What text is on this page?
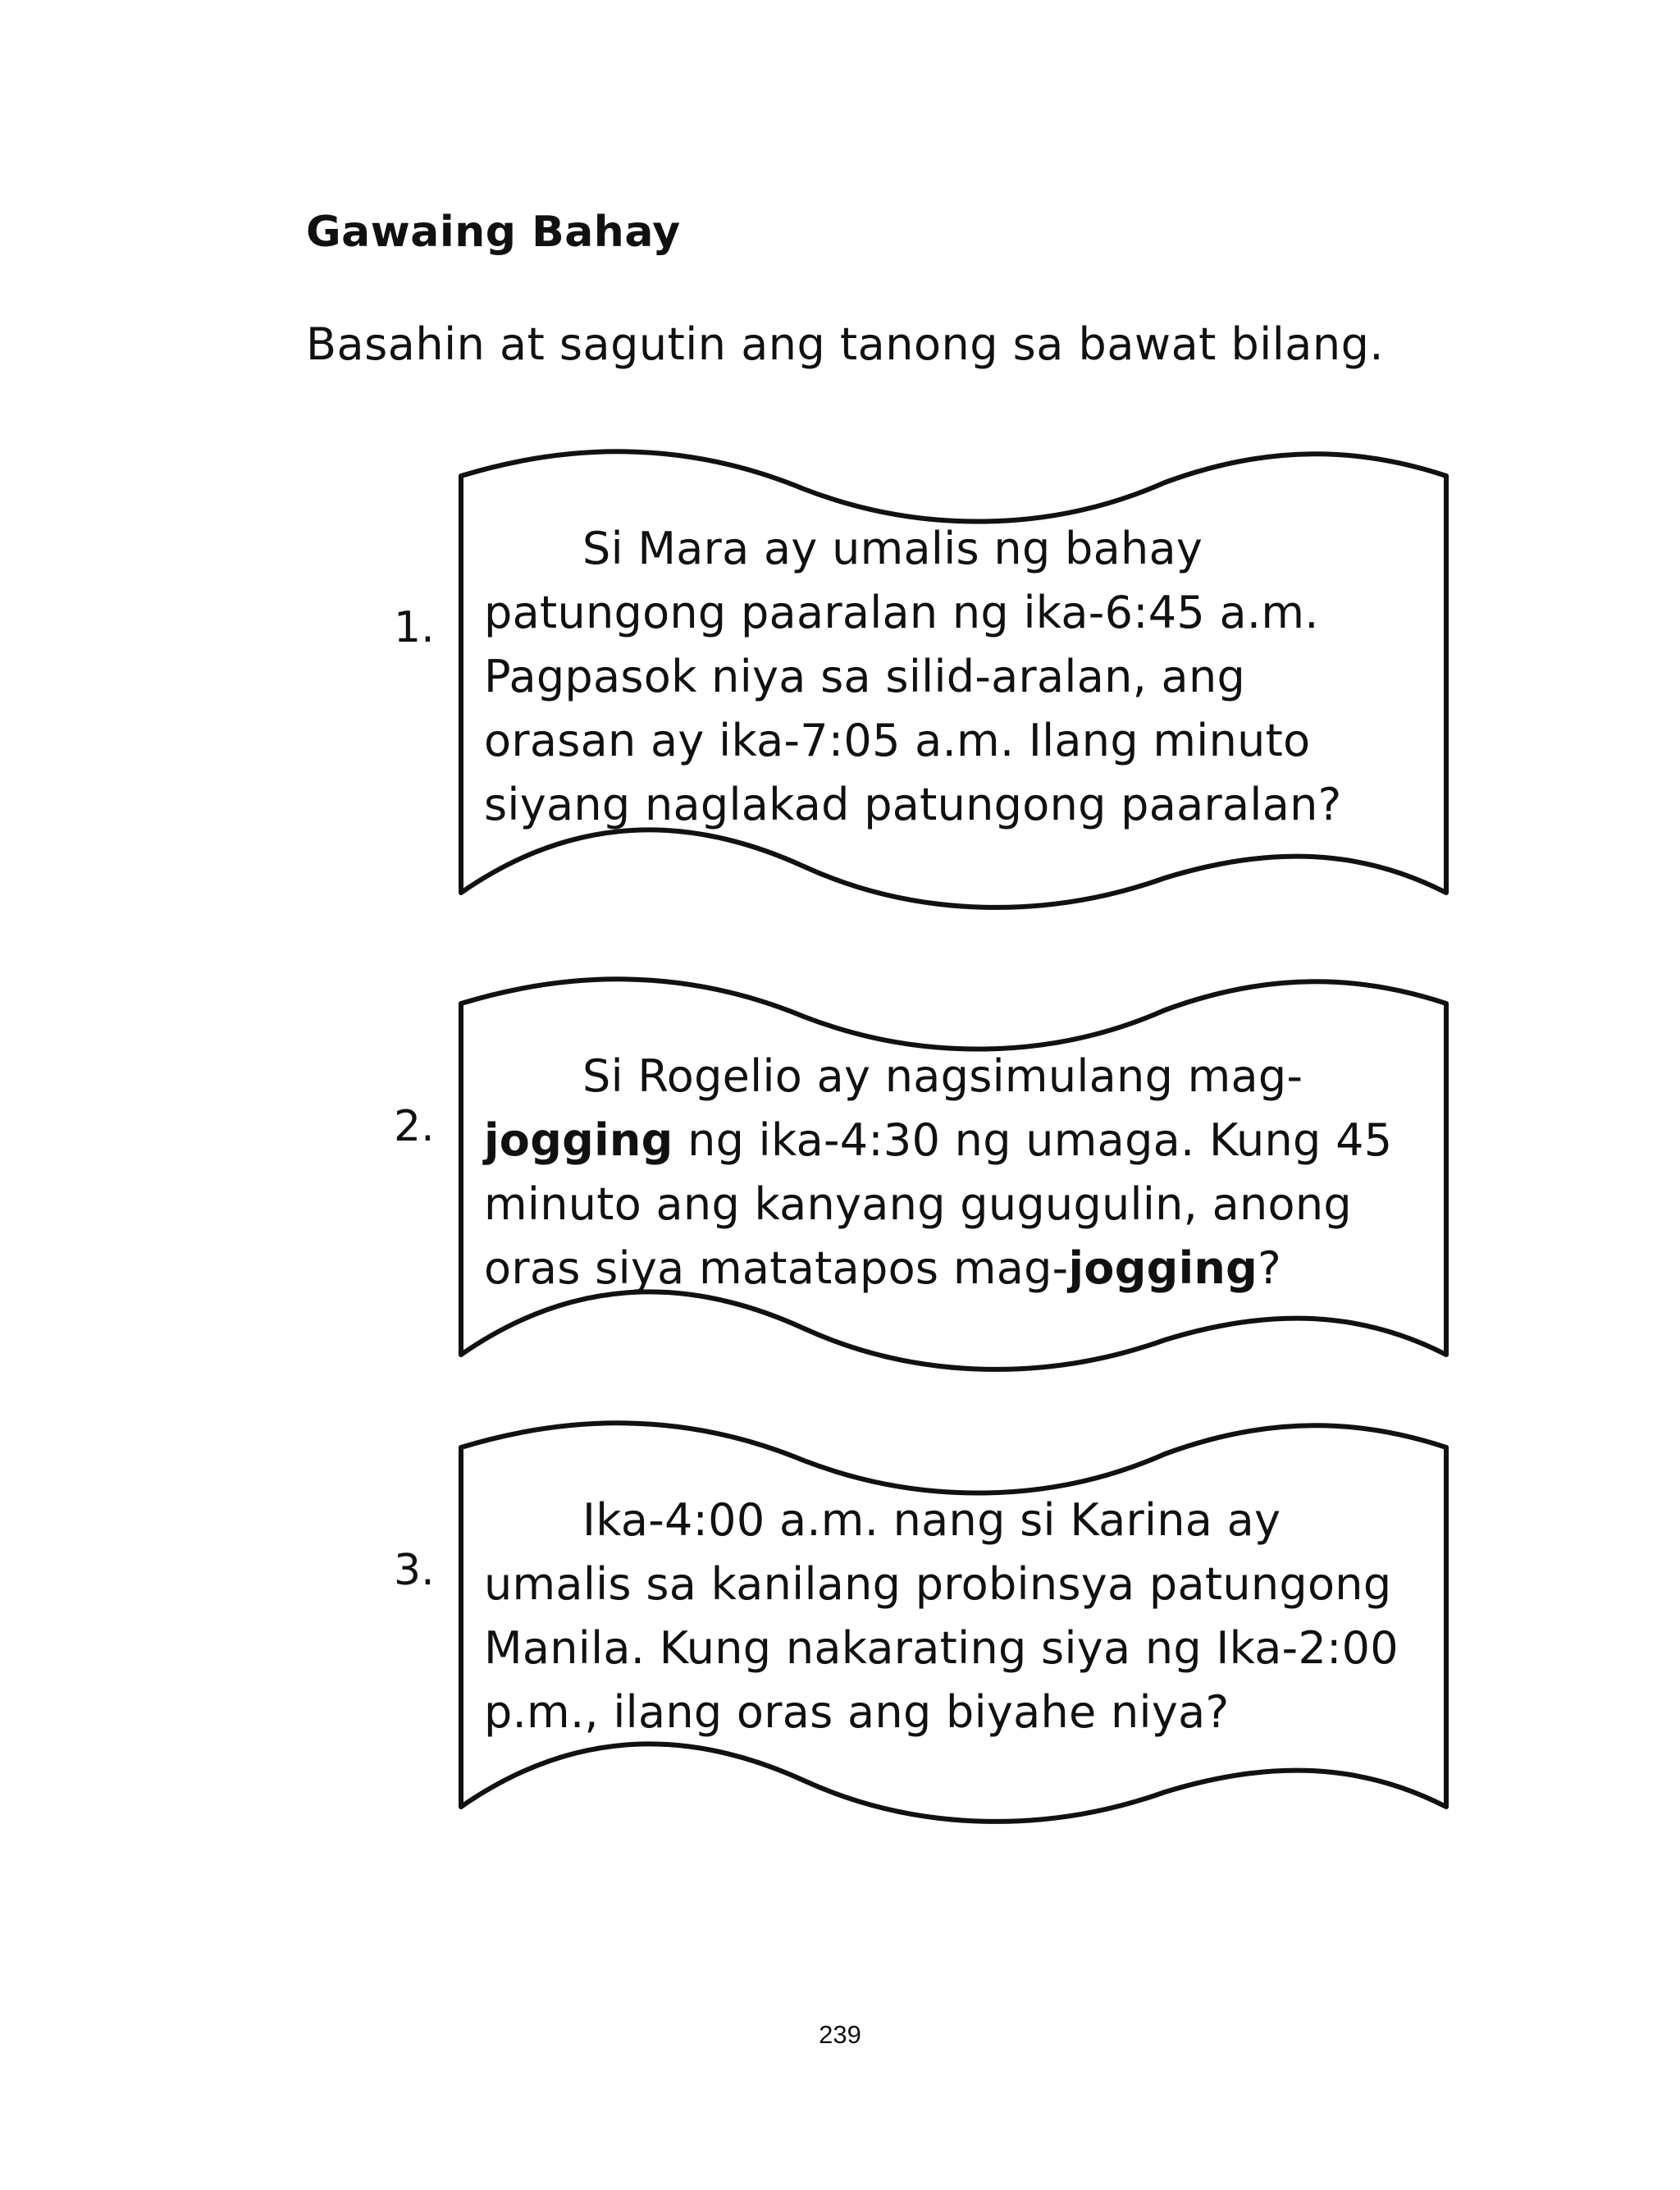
Gawaing Bahay

Basahin at sagutin ang tanong sa bawat bilang.

1.

Si Mara ay umalis ng bahay patungong paaralan ng ika-6:45 a.m. Pagpasok niya sa silid-aralan, ang orasan ay ika-7:05 a.m. Ilang minuto siyang naglakad patungong paaralan?

2.

Si Rogelio ay nagsimulang mag-jogging ng ika-4:30 ng umaga. Kung 45 minuto ang kanyang gugugulin, anong oras siya matatapos mag-jogging?

3.

Ika-4:00 a.m. nang si Karina ay umalis sa kanilang probinsya patungong Manila. Kung nakarating siya ng Ika-2:00 p.m., ilang oras ang biyahe niya?

239
